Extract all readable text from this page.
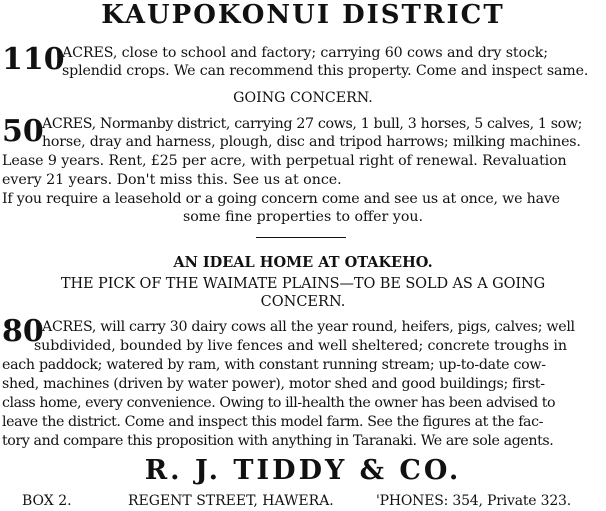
KAUPOKONUI DISTRICT
110
ACRES, close to school and factory; carrying 60 cows and dry stock;
splendid crops. We can recommend this property. Come and inspect same.
GOING CONCERN.
50
ACRES, Normanby district, carrying 27 cows, 1 bull, 3 horses, 5 calves, 1 sow;
horse, dray and harness, plough, disc and tripod harrows; milking machines.
Lease 9 years. Rent, £25 per acre, with perpetual right of renewal. Revaluation
every 21 years. Don't miss this. See us at once.
If you require a leasehold or a going concern come and see us at once, we have
some fine properties to offer you.
AN IDEAL HOME AT OTAKEHO.
THE PICK OF THE WAIMATE PLAINS—TO BE SOLD AS A GOING
CONCERN.
80
ACRES, will carry 30 dairy cows all the year round, heifers, pigs, calves; well
subdivided, bounded by live fences and well sheltered; concrete troughs in
each paddock; watered by ram, with constant running stream; up-to-date cow-
shed, machines (driven by water power), motor shed and good buildings; first-
class home, every convenience. Owing to ill-health the owner has been advised to
leave the district. Come and inspect this model farm. See the figures at the fac-
tory and compare this proposition with anything in Taranaki. We are sole agents.
R. J. TIDDY & CO.
BOX 2.	REGENT STREET, HAWERA.	'PHONES: 354, Private 323.
